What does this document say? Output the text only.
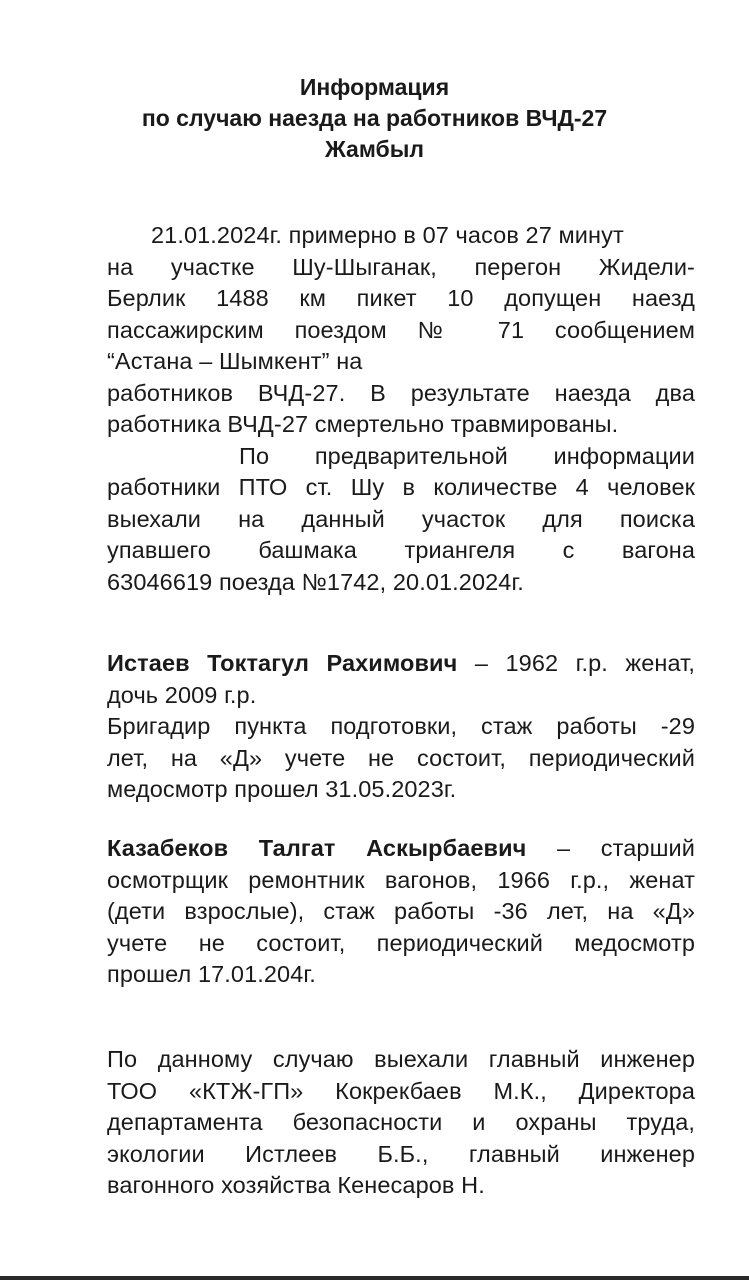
Информация
по случаю наезда на работников ВЧД-27
Жамбыл
21.01.2024г. примерно в 07 часов 27 минут
на участке Шу-Шыганак, перегон Жидели-
Берлик 1488 км пикет 10 допущен наезд
пассажирским поездом № 71 сообщением
“Астана – Шымкент” на
работников ВЧД-27. В результате наезда два
работника ВЧД-27 смертельно травмированы.
По предварительной информации
работники ПТО ст. Шу в количестве 4 человек
выехали на данный участок для поиска
упавшего башмака триангеля с вагона
63046619 поезда №1742, 20.01.2024г.
Истаев Токтагул Рахимович – 1962 г.р. женат,
дочь 2009 г.р.
Бригадир пункта подготовки, стаж работы -29
лет, на «Д» учете не состоит, периодический
медосмотр прошел 31.05.2023г.
Казабеков Талгат Аскырбаевич – старший
осмотрщик ремонтник вагонов, 1966 г.р., женат
(дети взрослые), стаж работы -36 лет, на «Д»
учете не состоит, периодический медосмотр
прошел 17.01.204г.
По данному случаю выехали главный инженер
ТОО «КТЖ-ГП» Кокрекбаев М.К., Директора
департамента безопасности и охраны труда,
экологии Истлеев Б.Б., главный инженер
вагонного хозяйства Кенесаров Н.
